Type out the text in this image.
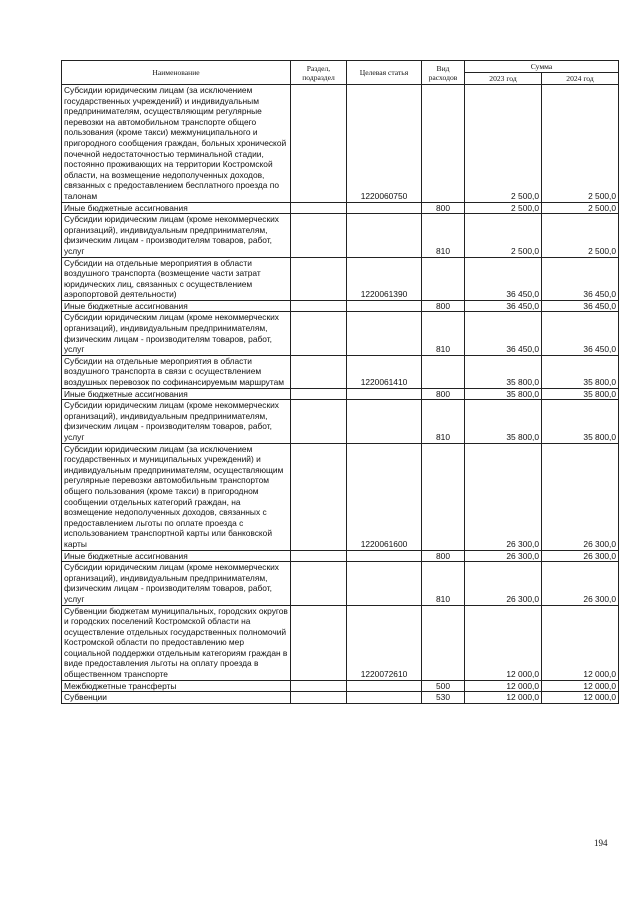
Наименование	Раздел, подраздел	Целевая статья	Вид расходов	Сумма	
				2023 год	2024 год
Субсидии юридическим лицам (за исключением государственных учреждений) и индивидуальным предпринимателям, осуществляющим регулярные перевозки на автомобильном транспорте общего пользования (кроме такси) межмуниципального и пригородного сообщения граждан, больных хронической почечной недостаточностью терминальной стадии, постоянно проживающих на территории Костромской области, на возмещение недополученных доходов, связанных с предоставлением бесплатного проезда по талонам		1220060750		2 500,0	2 500,0
Иные бюджетные ассигнования			800	2 500,0	2 500,0
Субсидии юридическим лицам (кроме некоммерческих организаций), индивидуальным предпринимателям, физическим лицам - производителям товаров, работ, услуг			810	2 500,0	2 500,0
Субсидии на отдельные мероприятия в области воздушного транспорта (возмещение части затрат юридических лиц, связанных с осуществлением аэропортовой деятельности)		1220061390		36 450,0	36 450,0
Иные бюджетные ассигнования			800	36 450,0	36 450,0
Субсидии юридическим лицам (кроме некоммерческих организаций), индивидуальным предпринимателям, физическим лицам - производителям товаров, работ, услуг			810	36 450,0	36 450,0
Субсидии на отдельные мероприятия в области воздушного транспорта в связи с осуществлением воздушных перевозок по софинансируемым маршрутам		1220061410		35 800,0	35 800,0
Иные бюджетные ассигнования			800	35 800,0	35 800,0
Субсидии юридическим лицам (кроме некоммерческих организаций), индивидуальным предпринимателям, физическим лицам - производителям товаров, работ, услуг			810	35 800,0	35 800,0
Субсидии юридическим лицам (за исключением государственных и муниципальных учреждений) и индивидуальным предпринимателям, осуществляющим регулярные перевозки автомобильным транспортом общего пользования (кроме такси) в пригородном сообщении отдельных категорий граждан, на возмещение недополученных доходов, связанных с предоставлением льготы по оплате проезда с использованием транспортной карты или банковской карты		1220061600		26 300,0	26 300,0
Иные бюджетные ассигнования			800	26 300,0	26 300,0
Субсидии юридическим лицам (кроме некоммерческих организаций), индивидуальным предпринимателям, физическим лицам - производителям товаров, работ, услуг			810	26 300,0	26 300,0
Субвенции бюджетам муниципальных, городских округов и городских поселений Костромской области на осуществление отдельных государственных полномочий Костромской области по предоставлению мер социальной поддержки отдельным категориям граждан в виде предоставления льготы на оплату проезда в общественном транспорте		1220072610		12 000,0	12 000,0
Межбюджетные трансферты			500	12 000,0	12 000,0
Субвенции			530	12 000,0	12 000,0
194
